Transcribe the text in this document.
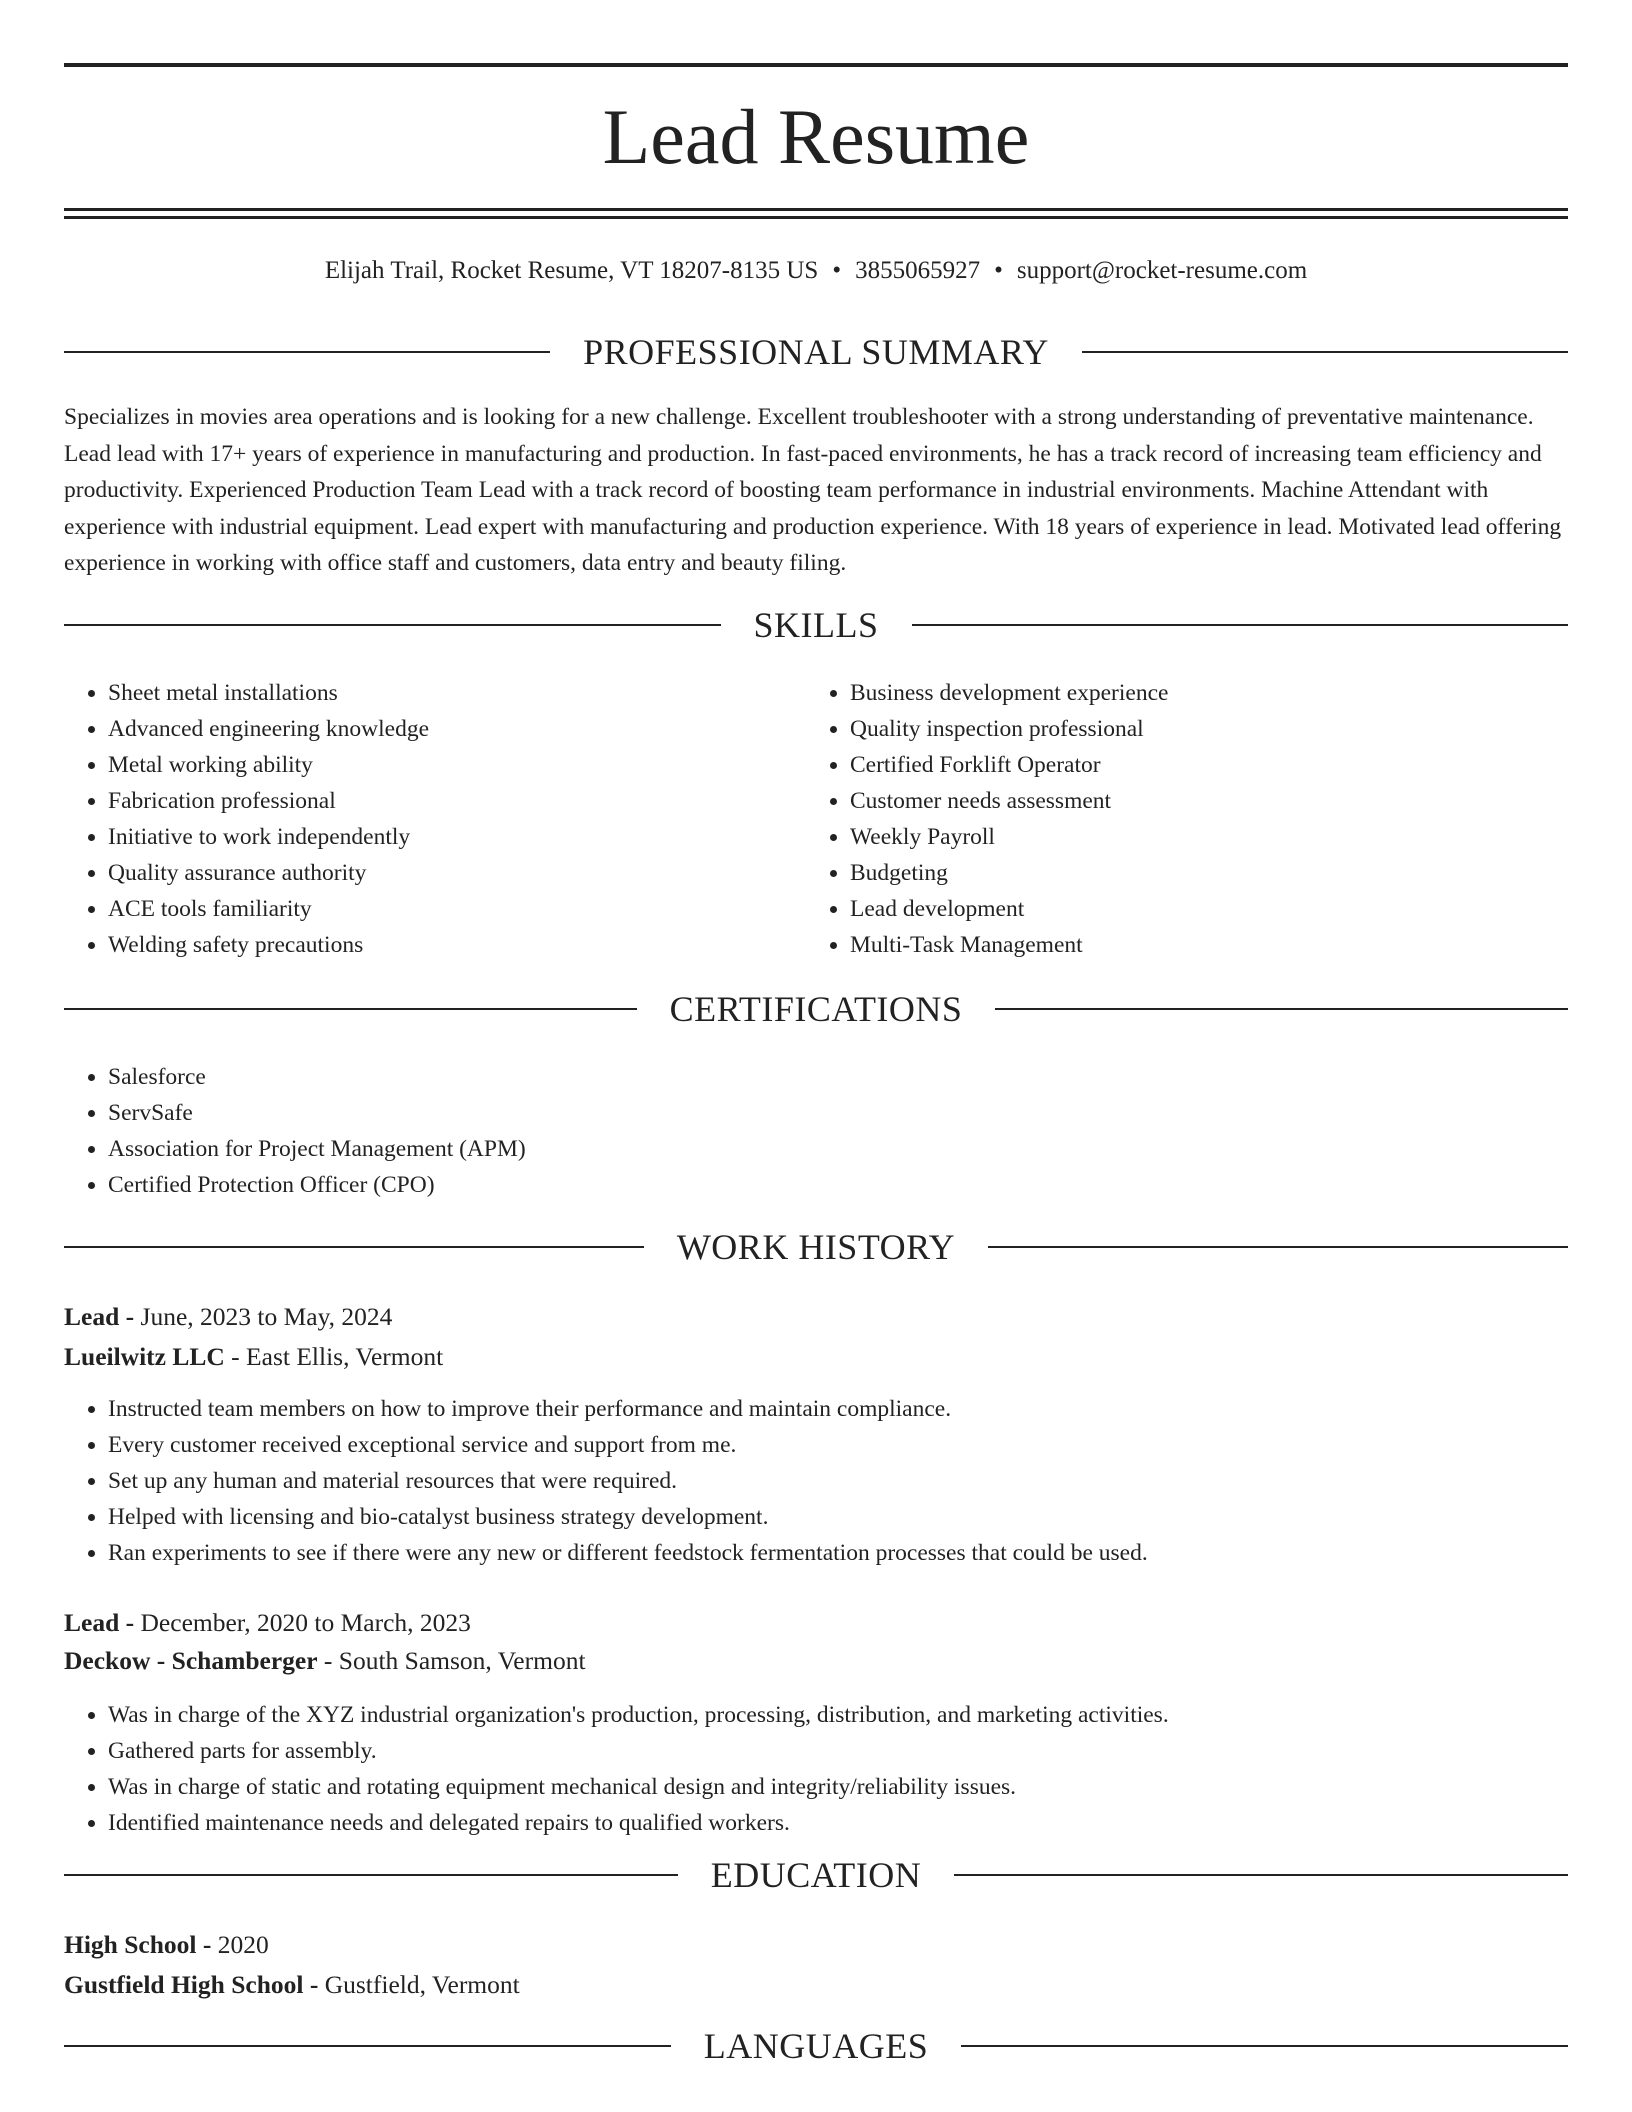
Lead Resume
Elijah Trail, Rocket Resume, VT 18207-8135 US • 3855065927 • support@rocket-resume.com
PROFESSIONAL SUMMARY

Specializes in movies area operations and is looking for a new challenge. Excellent troubleshooter with a strong understanding of preventative maintenance. Lead lead with 17+ years of experience in manufacturing and production. In fast-paced environments, he has a track record of increasing team efficiency and productivity. Experienced Production Team Lead with a track record of boosting team performance in industrial environments. Machine Attendant with experience with industrial equipment. Lead expert with manufacturing and production experience. With 18 years of experience in lead. Motivated lead offering experience in working with office staff and customers, data entry and beauty filing.

SKILLS
• Sheet metal installations
• Advanced engineering knowledge
• Metal working ability
• Fabrication professional
• Initiative to work independently
• Quality assurance authority
• ACE tools familiarity
• Welding safety precautions
• Business development experience
• Quality inspection professional
• Certified Forklift Operator
• Customer needs assessment
• Weekly Payroll
• Budgeting
• Lead development
• Multi-Task Management
CERTIFICATIONS
• Salesforce
• ServSafe
• Association for Project Management (APM)
• Certified Protection Officer (CPO)
WORK HISTORY

Lead - June, 2023 to May, 2024

Lueilwitz LLC - East Ellis, Vermont

• Instructed team members on how to improve their performance and maintain compliance.
• Every customer received exceptional service and support from me.
• Set up any human and material resources that were required.
• Helped with licensing and bio-catalyst business strategy development.
• Ran experiments to see if there were any new or different feedstock fermentation processes that could be used.

Lead - December, 2020 to March, 2023

Deckow - Schamberger - South Samson, Vermont

• Was in charge of the XYZ industrial organization's production, processing, distribution, and marketing activities.
• Gathered parts for assembly.
• Was in charge of static and rotating equipment mechanical design and integrity/reliability issues.
• Identified maintenance needs and delegated repairs to qualified workers.
EDUCATION

High School - 2020

Gustfield High School - Gustfield, Vermont

LANGUAGES
